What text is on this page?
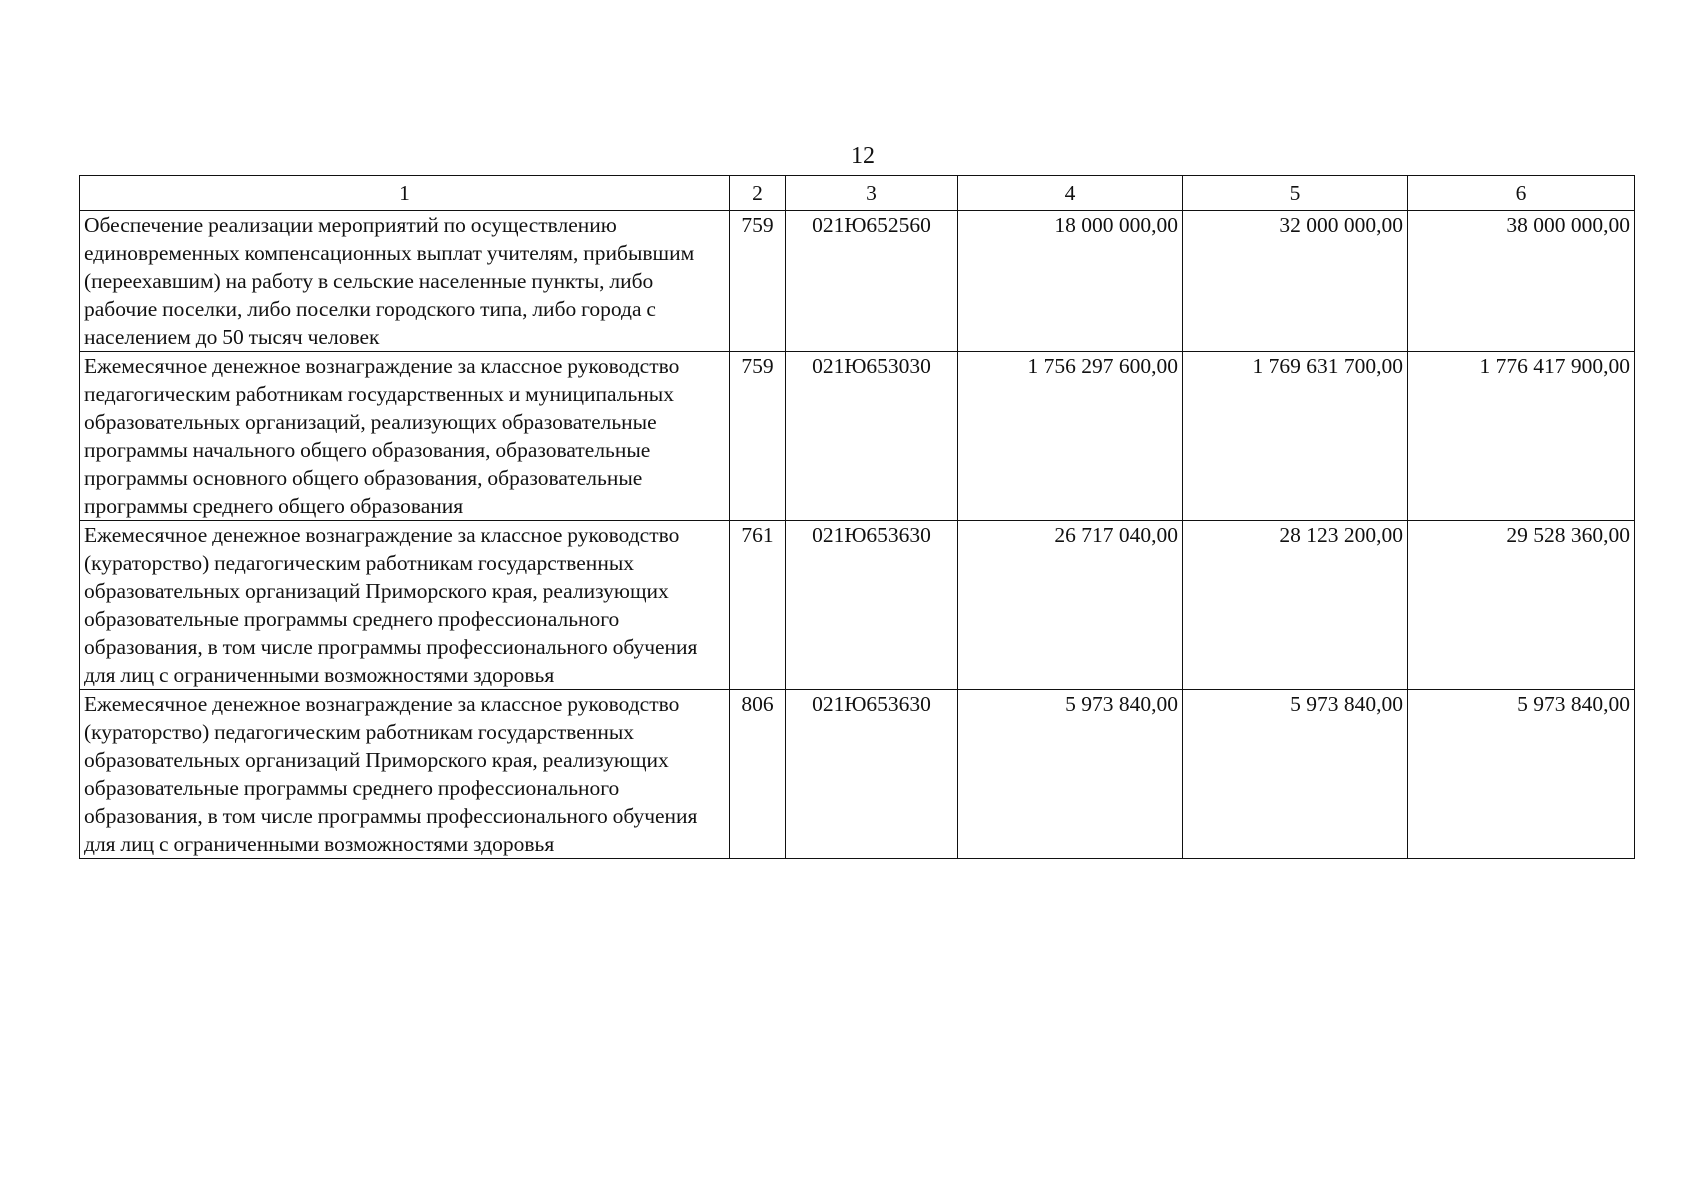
12
1	2	3	4	5	6
Обеспечение реализации мероприятий по осуществлению единовременных компенсационных выплат учителям, прибывшим (переехавшим) на работу в сельские населенные пункты, либо рабочие поселки, либо поселки городского типа, либо города с населением до 50 тысяч человек	759	021Ю652560	18 000 000,00	32 000 000,00	38 000 000,00
Ежемесячное денежное вознаграждение за классное руководство педагогическим работникам государственных и муниципальных образовательных организаций, реализующих образовательные программы начального общего образования, образовательные программы основного общего образования, образовательные программы среднего общего образования	759	021Ю653030	1 756 297 600,00	1 769 631 700,00	1 776 417 900,00
Ежемесячное денежное вознаграждение за классное руководство (кураторство) педагогическим работникам государственных образовательных организаций Приморского края, реализующих образовательные программы среднего профессионального образования, в том числе программы профессионального обучения для лиц с ограниченными возможностями здоровья	761	021Ю653630	26 717 040,00	28 123 200,00	29 528 360,00
Ежемесячное денежное вознаграждение за классное руководство (кураторство) педагогическим работникам государственных образовательных организаций Приморского края, реализующих образовательные программы среднего профессионального образования, в том числе программы профессионального обучения для лиц с ограниченными возможностями здоровья	806	021Ю653630	5 973 840,00	5 973 840,00	5 973 840,00
